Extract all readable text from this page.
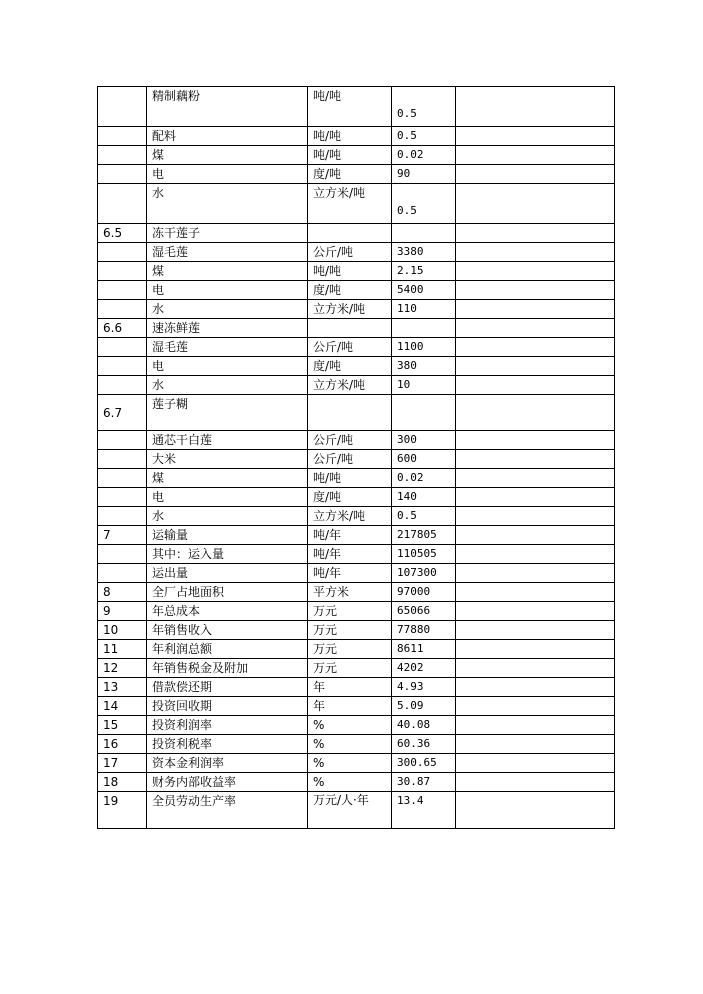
	精制藕粉	吨/吨	0.5	
	配料	吨/吨	0.5	
	煤	吨/吨	0.02	
	电	度/吨	90	
	水	立方米/吨	0.5	
6.5	冻干莲子			
	湿毛莲	公斤/吨	3380	
	煤	吨/吨	2.15	
	电	度/吨	5400	
	水	立方米/吨	110	
6.6	速冻鲜莲			
	湿毛莲	公斤/吨	1100	
	电	度/吨	380	
	水	立方米/吨	10	
6.7	莲子糊			
	通芯干白莲	公斤/吨	300	
	大米	公斤/吨	600	
	煤	吨/吨	0.02	
	电	度/吨	140	
	水	立方米/吨	0.5	
7	运输量	吨/年	217805	
	其中：运入量	吨/年	110505	
	运出量	吨/年	107300	
8	全厂占地面积	平方米	97000	
9	年总成本	万元	65066	
10	年销售收入	万元	77880	
11	年利润总额	万元	8611	
12	年销售税金及附加	万元	4202	
13	借款偿还期	年	4.93	
14	投资回收期	年	5.09	
15	投资利润率	%	40.08	
16	投资利税率	%	60.36	
17	资本金利润率	%	300.65	
18	财务内部收益率	%	30.87	
19	全员劳动生产率	万元/人·年	13.4	
